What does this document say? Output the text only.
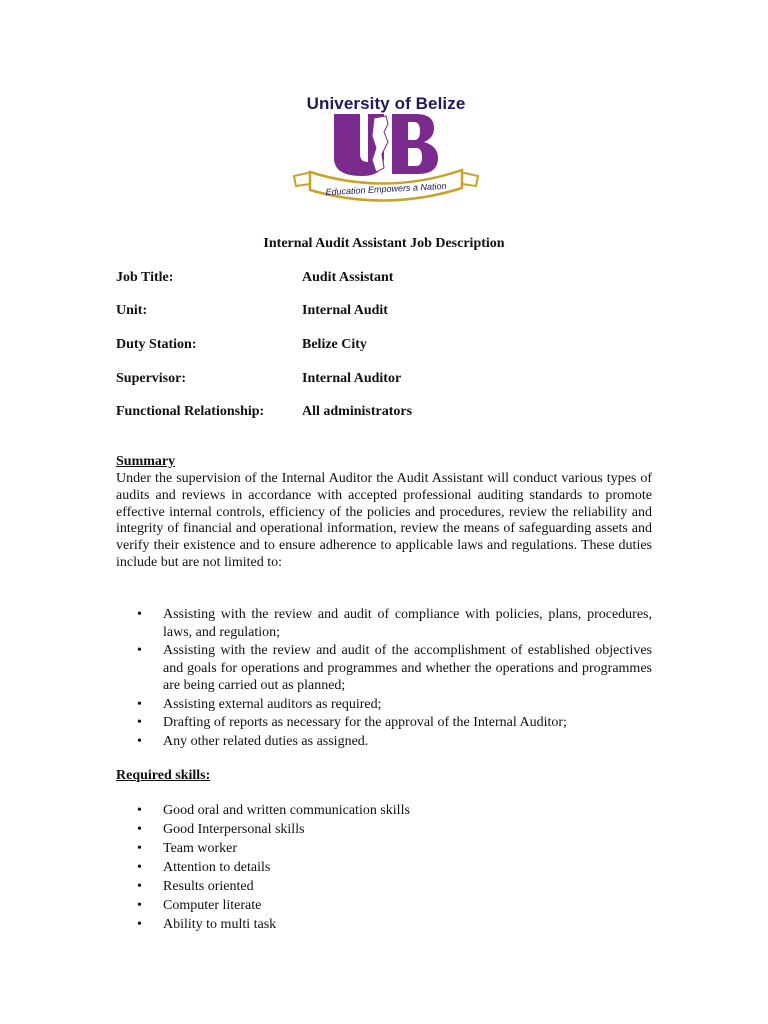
University of Belize
Education Empowers a Nation
Internal Audit Assistant Job Description
Job Title:	Audit Assistant
Unit:	Internal Audit
Duty Station:	Belize City
Supervisor:	Internal Auditor
Functional Relationship:	All administrators
Summary
Under the supervision of the Internal Auditor the Audit Assistant will conduct various types of audits and reviews in accordance with accepted professional auditing standards to promote effective internal controls, efficiency of the policies and procedures, review the reliability and integrity of financial and operational information, review the means of safeguarding assets and verify their existence and to ensure adherence to applicable laws and regulations. These duties include but are not limited to:
• Assisting with the review and audit of compliance with policies, plans, procedures, laws, and regulation;
• Assisting with the review and audit of the accomplishment of established objectives and goals for operations and programmes and whether the operations and programmes are being carried out as planned;
• Assisting external auditors as required;
• Drafting of reports as necessary for the approval of the Internal Auditor;
• Any other related duties as assigned.
Required skills:
• Good oral and written communication skills
• Good Interpersonal skills
• Team worker
• Attention to details
• Results oriented
• Computer literate
• Ability to multi task
